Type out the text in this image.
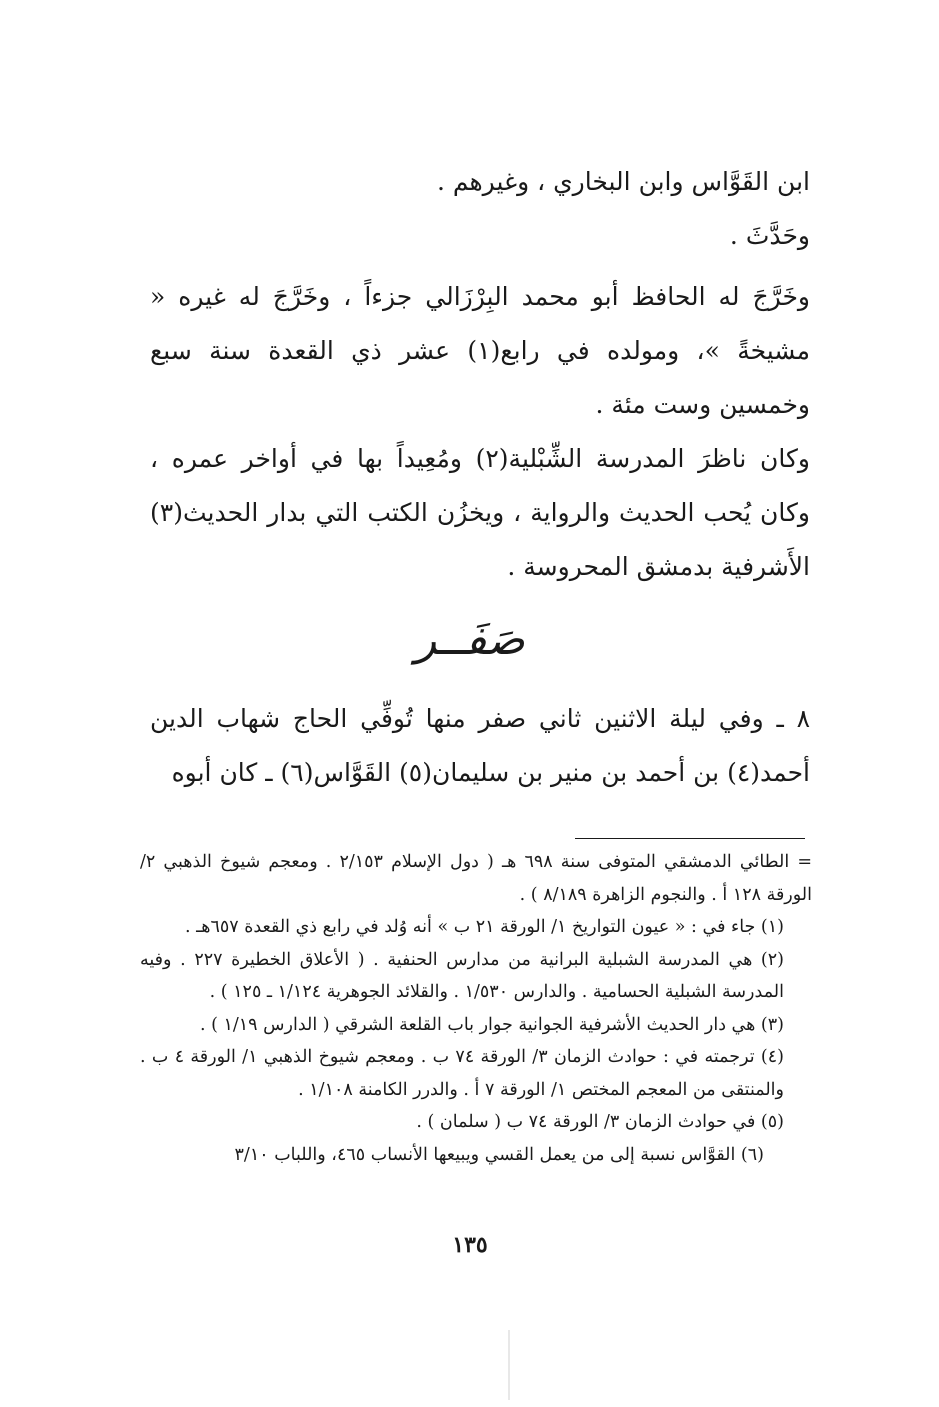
ابن القَوَّاس وابن البخاري ، وغيرهم .

وحَدَّثَ .

وخَرَّجَ له الحافظ أبو محمد البِرْزَالي جزءاً ، وخَرَّجَ له غيره « مشيخةً »، ومولده في رابع(١) عشر ذي القعدة سنة سبع وخمسين وست مئة .

وكان ناظرَ المدرسة الشِّبْلية(٢) ومُعِيداً بها في أواخر عمره ، وكان يُحب الحديث والرواية ، ويخزُن الكتب التي بدار الحديث(٣) الأَشرفية بدمشق المحروسة .

صَفَــر

٨ ـ وفي ليلة الاثنين ثاني صفر منها تُوفِّي الحاج شهاب الدين أحمد(٤) بن أحمد بن منير بن سليمان(٥) القَوَّاس(٦) ـ كان أبوه

= الطائي الدمشقي المتوفى سنة ٦٩٨ هـ ( دول الإسلام ٢/١٥٣ . ومعجم شيوخ الذهبي ٢/ الورقة ١٢٨ أ . والنجوم الزاهرة ٨/١٨٩ ) .

(١) جاء في : « عيون التواريخ ١/ الورقة ٢١ ب » أنه وُلد في رابع ذي القعدة ٦٥٧هـ .

(٢) هي المدرسة الشبلية البرانية من مدارس الحنفية . ( الأعلاق الخطيرة ٢٢٧ . وفيه المدرسة الشبلية الحسامية . والدارس ١/٥٣٠ . والقلائد الجوهرية ١/١٢٤ ـ ١٢٥ ) .

(٣) هي دار الحديث الأشرفية الجوانية جوار باب القلعة الشرقي ( الدارس ١/١٩ ) .

(٤) ترجمته في : حوادث الزمان ٣/ الورقة ٧٤ ب . ومعجم شيوخ الذهبي ١/ الورقة ٤ ب . والمنتقى من المعجم المختص ١/ الورقة ٧ أ . والدرر الكامنة ١/١٠٨ .

(٥) في حوادث الزمان ٣/ الورقة ٧٤ ب ( سلمان ) .

(٦) القوَّاس نسبة إلى من يعمل القسي ويبيعها الأنساب ٤٦٥، واللباب ٣/١٠

١٣٥
